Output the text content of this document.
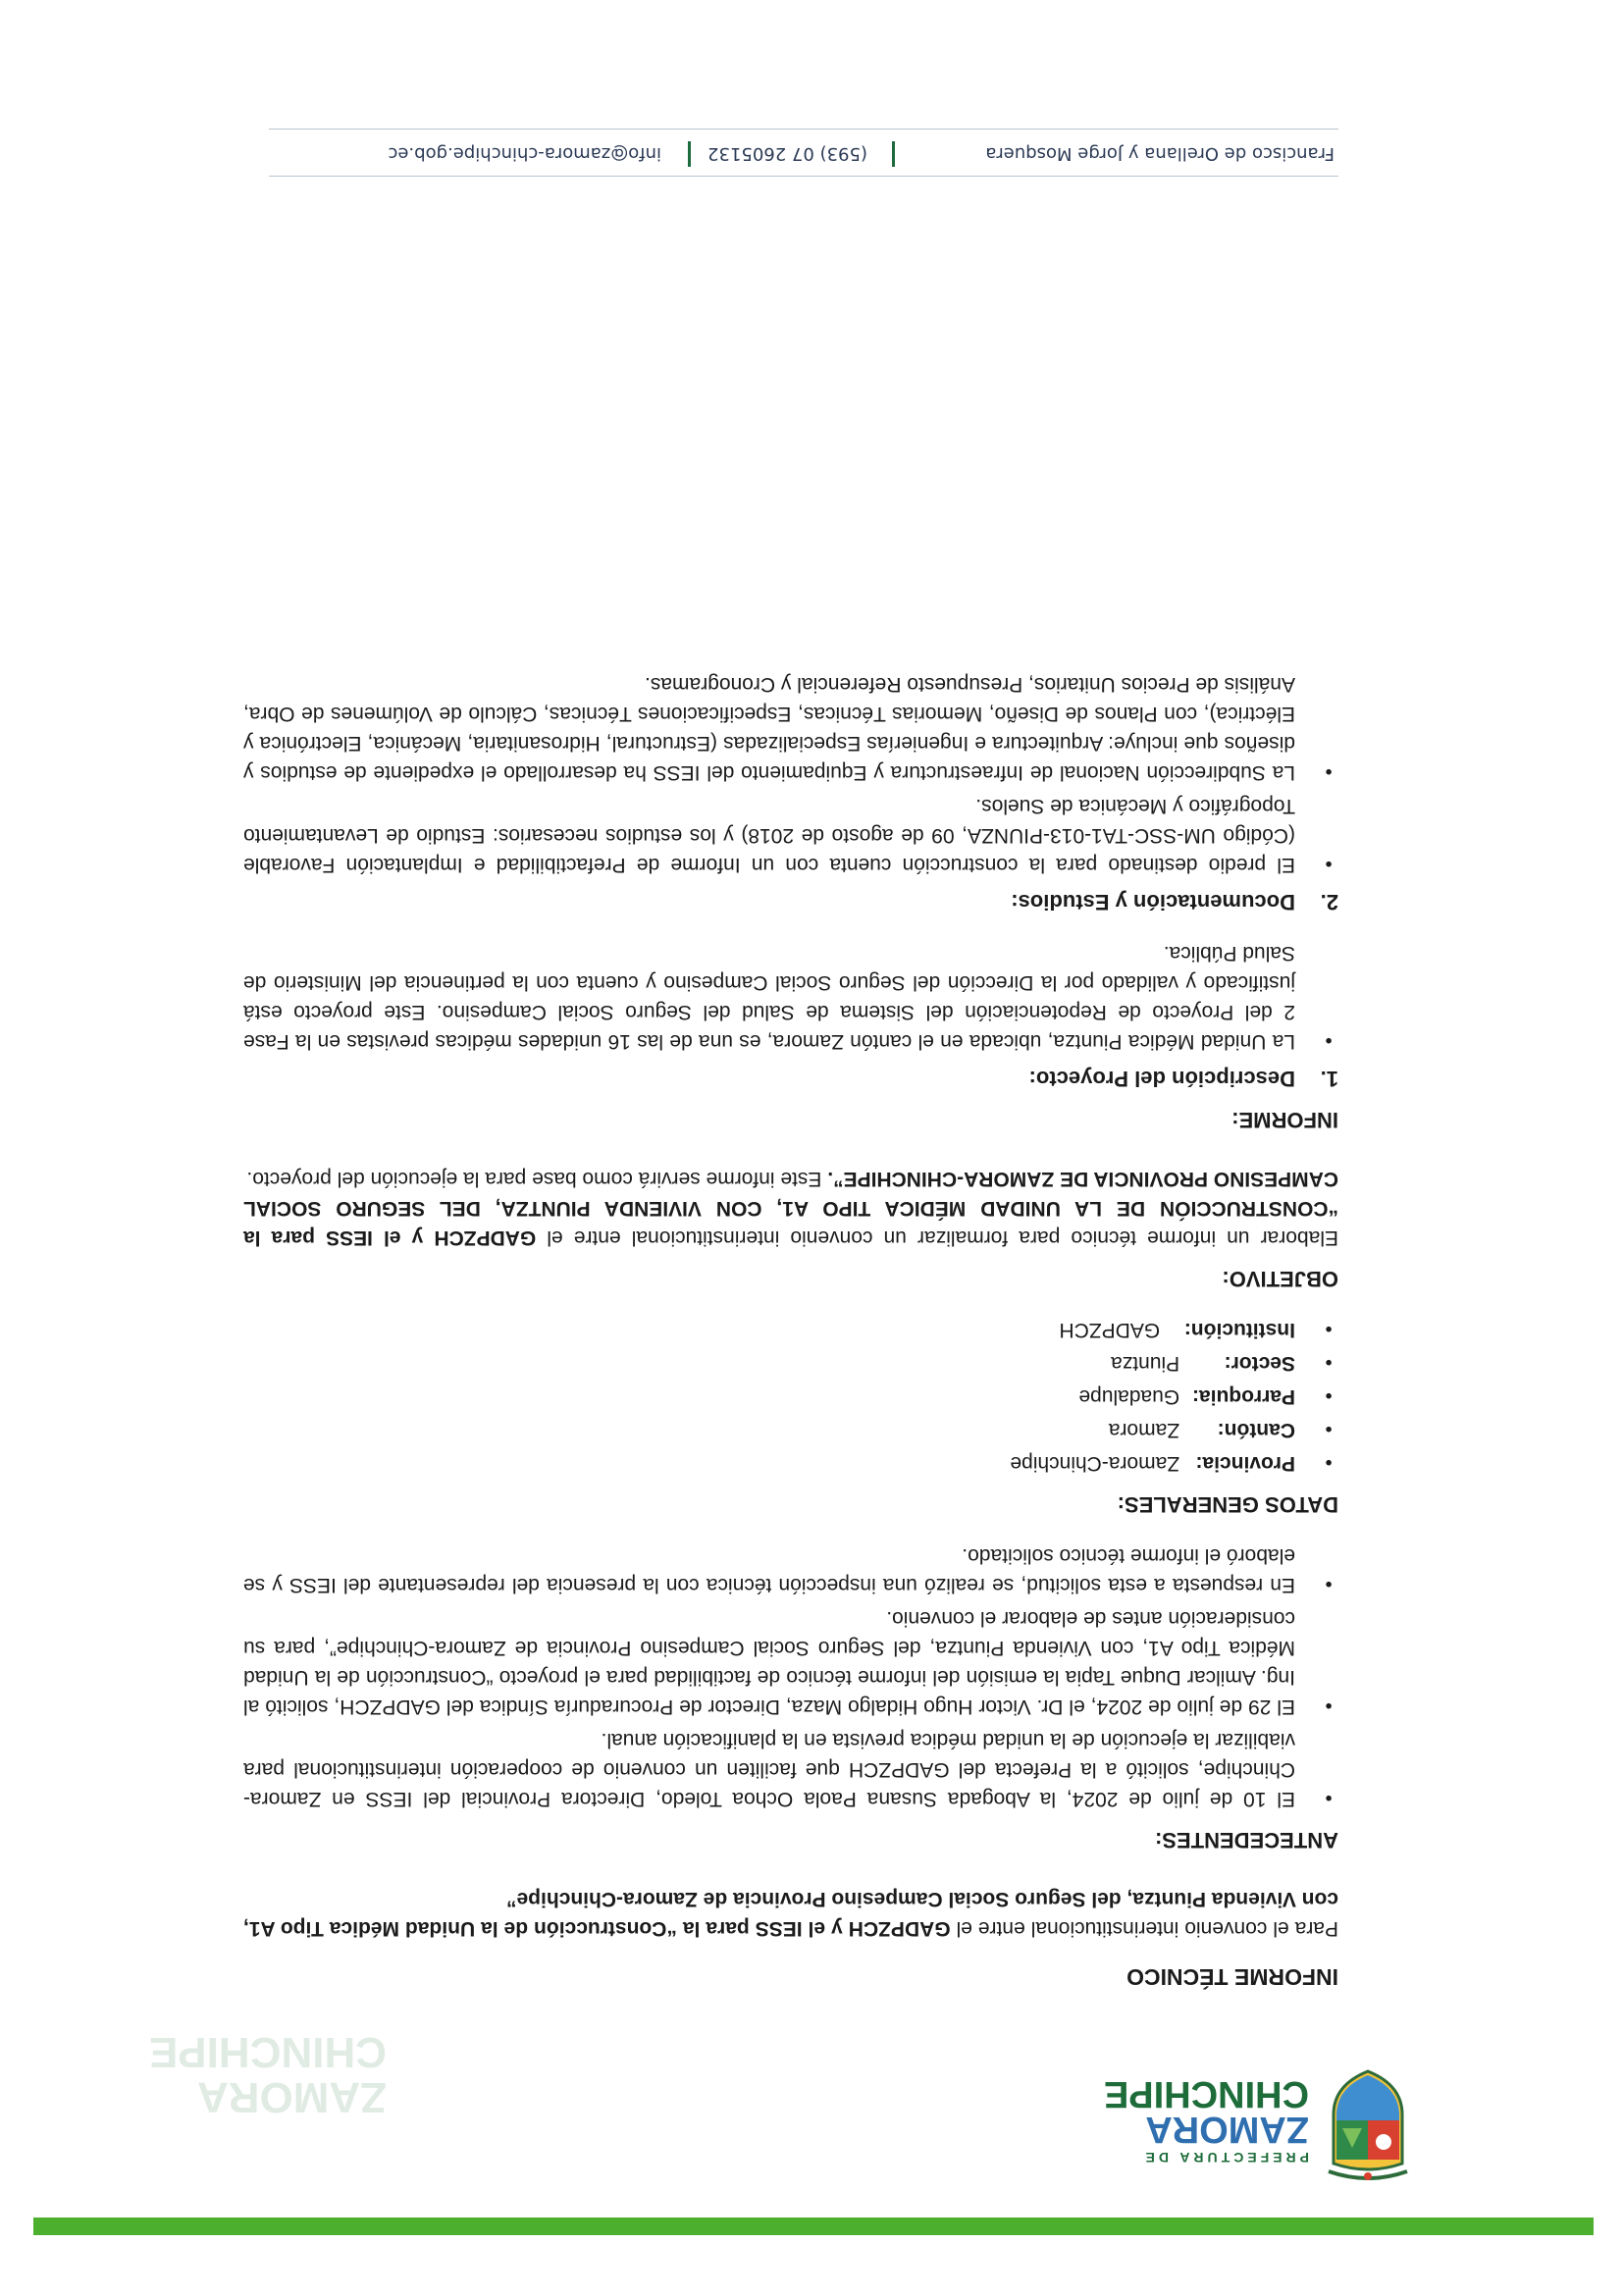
PREFECTURA DE
ZAMORA
CHINCHIPE
ZAMORA
CHINCHIPE
INFORME TÉCNICO
Para el convenio interinstitucional entre el GADPZCH y el IESS para la “Construcción de la Unidad Médica Tipo A1, con Vivienda Piuntza, del Seguro Social Campesino Provincia de Zamora-Chinchipe”
ANTECEDENTES:
● El 10 de julio de 2024, la Abogada Susana Paola Ochoa Toledo, Directora Provincial del IESS en Zamora-Chinchipe, solicitó a la Prefecta del GADPZCH que faciliten un convenio de cooperación interinstitucional para viabilizar la ejecución de la unidad médica prevista en la planificación anual.
● El 29 de julio de 2024, el Dr. Victor Hugo Hidalgo Maza, Director de Procuraduría Síndica del GADPZCH, solicitó al Ing. Amilcar Duque Tapia la emisión del informe técnico de factibilidad para el proyecto “Construcción de la Unidad Médica Tipo A1, con Vivienda Piuntza, del Seguro Social Campesino Provincia de Zamora-Chinchipe”, para su consideración antes de elaborar el convenio.
● En respuesta a esta solicitud, se realizó una inspección técnica con la presencia del representante del IESS y se elaboró el informe técnico solicitado.
DATOS GENERALES:
● Provincia: Zamora-Chinchipe
● Cantón: Zamora
● Parroquia: Guadalupe
● Sector: Piuntza
● Institución: GADPZCH
OBJETIVO:
Elaborar un informe técnico para formalizar un convenio interinstitucional entre el GADPZCH y el IESS para la “CONSTRUCCIÓN DE LA UNIDAD MÉDICA TIPO A1, CON VIVIENDA PIUNTZA, DEL SEGURO SOCIAL CAMPESINO PROVINCIA DE ZAMORA-CHINCHIPE”. Este informe servirá como base para la ejecución del proyecto.
INFORME:
1.
Descripción del Proyecto:
● La Unidad Médica Piuntza, ubicada en el cantón Zamora, es una de las 16 unidades médicas previstas en la Fase 2 del Proyecto de Repotenciación del Sistema de Salud del Seguro Social Campesino. Este proyecto está justificado y validado por la Dirección del Seguro Social Campesino y cuenta con la pertinencia del Ministerio de Salud Pública.
2.
Documentación y Estudios:
● El predio destinado para la construcción cuenta con un Informe de Prefactibilidad e Implantación Favorable (Código UM-SSC-TA1-013-PIUNZA, 09 de agosto de 2018) y los estudios necesarios: Estudio de Levantamiento Topográfico y Mecánica de Suelos.
● La Subdirección Nacional de Infraestructura y Equipamiento del IESS ha desarrollado el expediente de estudios y diseños que incluye: Arquitectura e Ingenierías Especializadas (Estructural, Hidrosanitaria, Mecánica, Electrónica y Eléctrica), con Planos de Diseño, Memorias Técnicas, Especificaciones Técnicas, Cálculo de Volúmenes de Obra, Análisis de Precios Unitarios, Presupuesto Referencial y Cronogramas.
Francisco de Orellana y Jorge Mosquera
(593) 07 2605132
info@zamora-chinchipe.gob.ec
